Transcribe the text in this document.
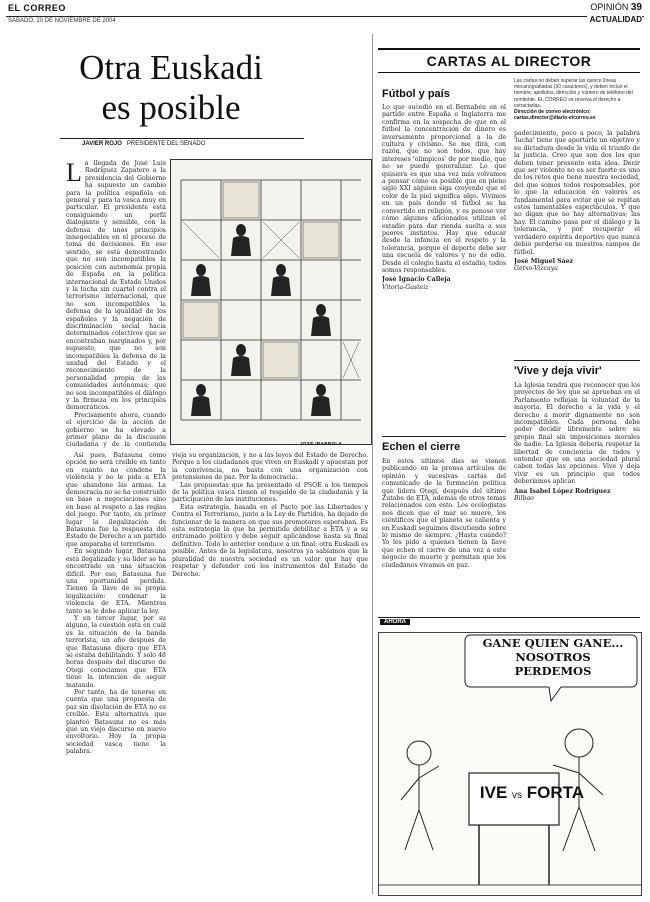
EL CORREO
SÁBADO, 20 DE NOVIEMBRE DE 2004
OPINIÓN 39
ACTUALIDAD
Otra Euskadi
es posible
JAVIER ROJO PRESIDENTE DEL SENADO
L a llegada de José Luis Rodríguez Zapatero a la presidencia del Gobierno ha supuesto un cambio para la política española en general y para la vasca muy en particular. El presidente está consiguiendo un perfil dialogante y sensible, con la defensa de unos principios innegociables en el proceso de toma de decisiones. En ese sentido, se está demostrando que no son incompatibles la posición con autonomía propia de España en la política internacional de Estado Unidos y la lucha sin cuartel contra el terrorismo internacional, que no son incompatibles la defensa de la igualdad de los españoles y la negación de discriminación social hacia determinados colectivos que se encontraban marginados y, por supuesto, que no son incompatibles la defensa de la unidad del Estado y el reconocimiento de la personalidad propia de las comunidades autónomas; que no son incompatibles el diálogo y la firmeza en los principios democráticos.

Precisamente ahora, cuando el ejercicio de la acción de gobierno se ha elevado a primer plano de la discusión ciudadana y de la contienda	JOSÉ IBARROLA

Así pues, Batasuna como opción no será creíble en tanto en cuanto no condene la violencia y no le pida a ETA que abandone las armas. La democracia no se ha construido en base a negociaciones sino en base al respeto a las reglas del juego. Por tanto, en primer lugar la ilegalización de Batasuna fue la respuesta del Estado de Derecho a un partido que amparaba el terrorismo.

En segundo lugar, Batasuna está ilegalizada y su líder se ha encontrado en una situación difícil. Por eso, Batasuna fue una oportunidad perdida. Tienen la llave de su propia legalización: condenar la violencia de ETA. Mientras tanto se le debe aplicar la ley.

Y en tercer lugar, por su alguno, la cuestión está en cuál es la situación de la banda terrorista, un año después de que Batasuna dijera que ETA se estaba debilitando. Y solo 48 horas después del discurso de Otegi conocíamos que ETA tiene la intención de seguir matando.

Por tanto, ha de tenerse en cuenta que una propuesta de paz sin disolución de ETA no es creíble. Esta alternativa que planteó Batasuna no es más que un viejo discurso en nuevo envoltorio. Hoy la propia sociedad vasca tiene la palabra.

vieja su organización, y no a las leyes del Estado de Derecho. Porque a los ciudadanos que viven en Euskadi y apuestan por la convivencia, no basta con una organización con pretensiones de paz. Por la democracia.

Las propuestas que ha presentado el PSOE a los tiempos de la política vasca tienen el respaldo de la ciudadanía y la participación de las instituciones.

Esta estrategia, basada en el Pacto por las Libertades y Contra el Terrorismo, junto a la Ley de Partidos, ha dejado de funcionar de la manera en que sus promotores esperaban. Es esta estrategia la que ha permitido debilitar a ETA y a su entramado político y debe seguir aplicándose hasta su final definitivo. Todo lo anterior conduce a un final: otra Euskadi es posible. Antes de la legislatura, nosotros ya sabíamos que la pluralidad de nuestra sociedad es un valor que hay que respetar y defender con los instrumentos del Estado de Derecho.

CARTAS AL DIRECTOR
Fútbol y país
Las cartas no deben superar las quince líneas mecanografiadas (30 caracteres), y deben incluir el nombre, apellidos, dirección y número de teléfono del remitente. EL CORREO se reserva el derecho a extractarlas.
Dirección de correo electrónico:
cartas.director@diario-elcorreo.es
Lo que sucedió en el Bernabéu en el partido entre España e Inglaterra me confirma en la sospecha de que en el fútbol la concentración de dinero es inversamente proporcional a la de cultura y civismo. Se me dirá, con razón, que no son todos, que hay intereses 'olímpicos' de por medio, que no se puede generalizar. Lo que quisiera es que una vez más volvamos a pensar cómo es posible que en pleno siglo XXI alguien siga creyendo que el color de la piel significa algo. Vivimos en un país donde el fútbol se ha convertido en religión, y es penoso ver cómo algunos aficionados utilizan el estadio para dar rienda suelta a sus peores instintos. Hay que educar desde la infancia en el respeto y la tolerancia, porque el deporte debe ser una escuela de valores y no de odio. Desde el colegio hasta el estadio, todos somos responsables.
José Ignacio Calleja
Vitoria-Gasteiz
padecimiento, poco a poco, la palabra 'lucha' tiene que aportarle un objetivo y su dictadura desde la vida el triunfo de la justicia. Creo que son dos los que deben tener presente esta idea. Decir que ser violento no es ser fuerte es uno de los retos que tiene nuestra sociedad, del que somos todos responsables, por lo que la educación en valores es fundamental para evitar que se repitan estos lamentables espectáculos. Y que no digan que no hay alternativas; las hay. El camino pasa por el diálogo y la tolerancia, y por recuperar el verdadero espíritu deportivo que nunca debió perderse en nuestros campos de fútbol.
José Miguel Sáez
Getxo-Vizcaya
Echen el cierre
En estos últimos días se vienen publicando en la prensa artículos de opinión y sucesivas cartas del comunicado de la formación política que lidera Otegi, después del último Zutabe de ETA, además de otros temas relacionados con esto. Los ecologistas nos dicen que el mar se muere, los científicos que el planeta se calienta y en Euskadi seguimos discutiendo sobre lo mismo de siempre. ¿Hasta cuándo? Yo les pido a quienes tienen la llave que echen el cierre de una vez a este negocio de muerte y permitan que los ciudadanos vivamos en paz.
'Vive y deja vivir'
La Iglesia tendrá que reconocer que los proyectos de ley que se aprueban en el Parlamento reflejan la voluntad de la mayoría. El derecho a la vida y el derecho a morir dignamente no son incompatibles. Cada persona debe poder decidir libremente sobre su propio final sin imposiciones morales de nadie. La Iglesia debería respetar la libertad de conciencia de todos y entender que en una sociedad plural caben todas las opciones. Vive y deja vivir es un principio que todos deberíamos aplicar.
Ana Isabel López Rodríguez
Bilbao
AHORA
GANE QUIEN GANE...
NOSOTROS PERDEMOS
IVE vs FORTA
